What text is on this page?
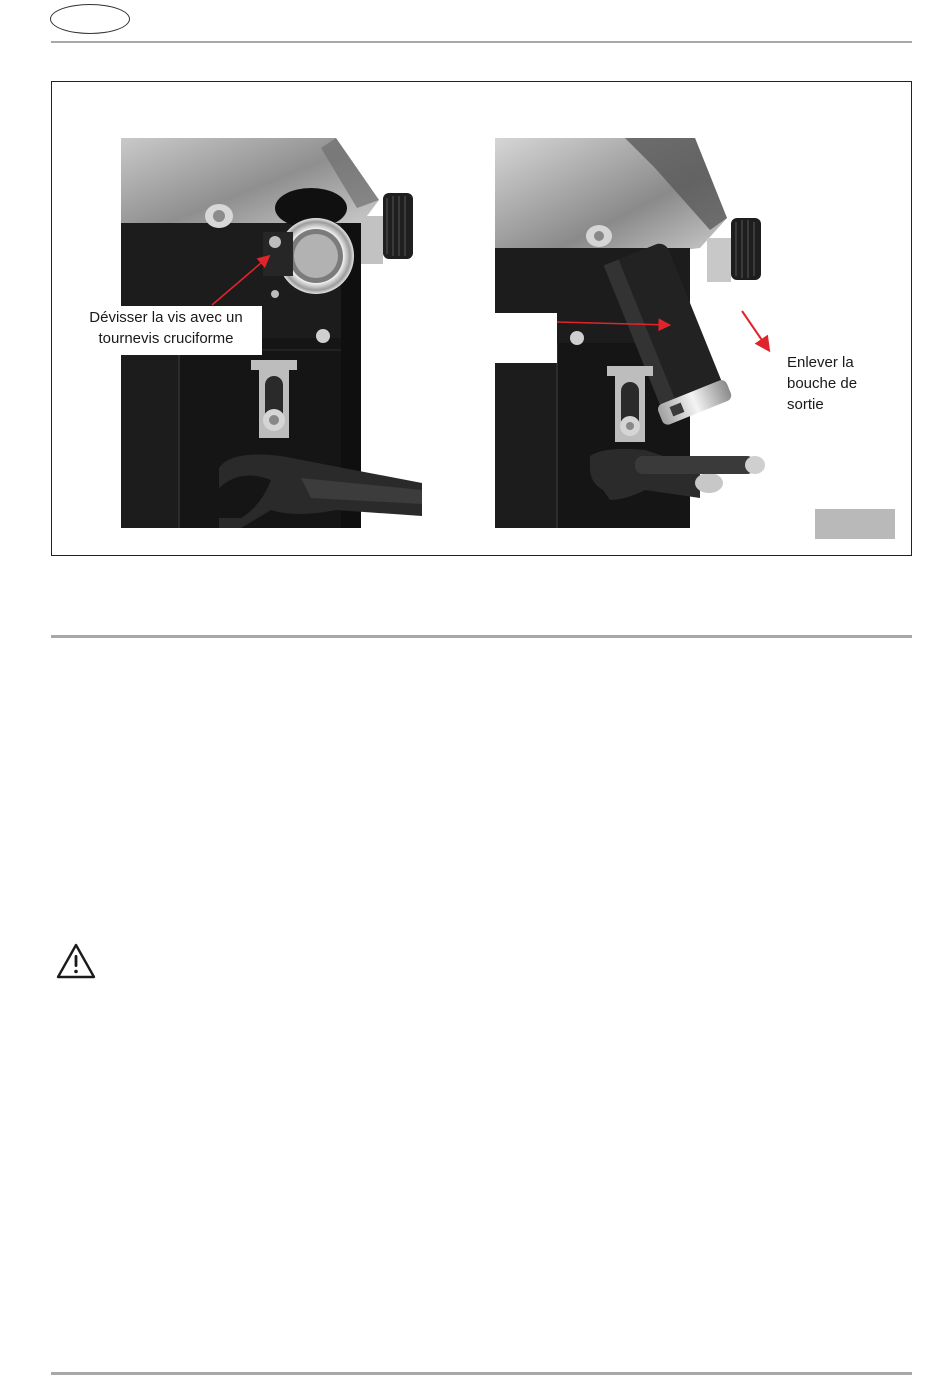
Dévisser la vis avec un tournevis cruciforme
Enlever la bouche de sortie
